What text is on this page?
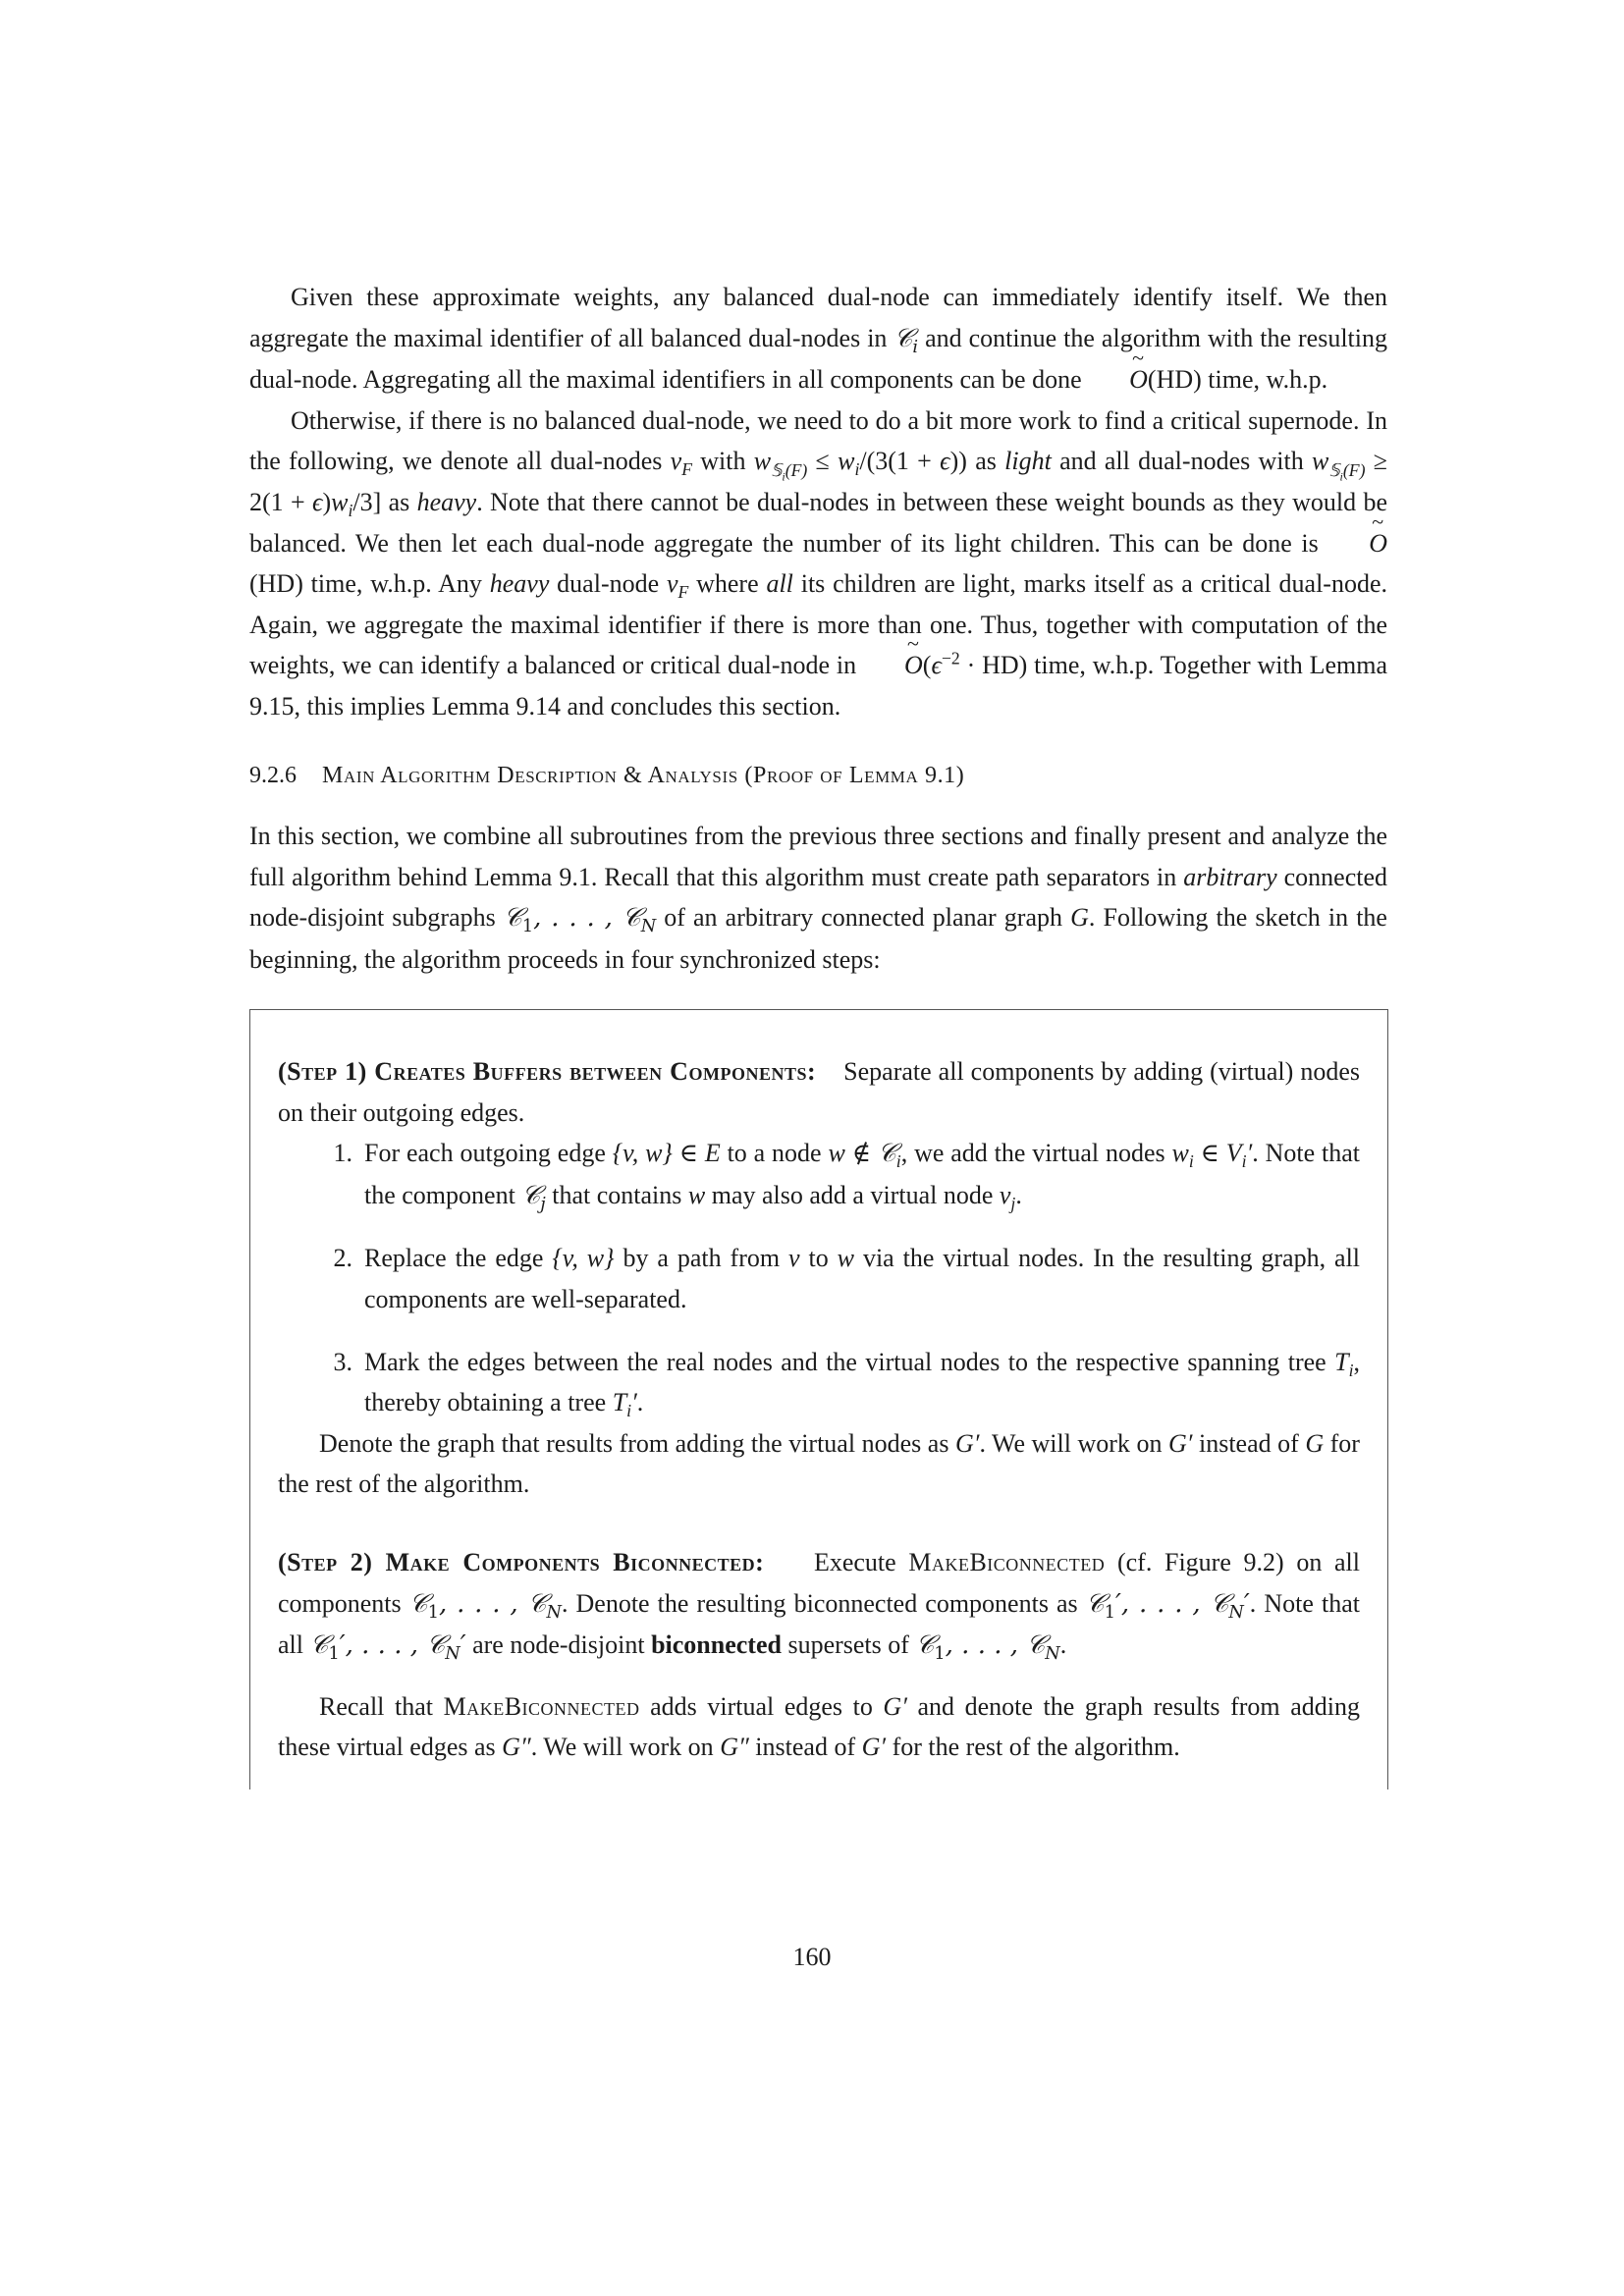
Given these approximate weights, any balanced dual-node can immediately identify itself. We then aggregate the maximal identifier of all balanced dual-nodes in 𝒞$_i$ and continue the algorithm with the resulting dual-node. Aggregating all the maximal identifiers in all components can be done ~ O(HD) time, w.h.p.

Otherwise, if there is no balanced dual-node, we need to do a bit more work to find a critical supernode. In the following, we denote all dual-nodes $v_F$ with $w_{𝕊_i(F)} \le w_i/(3(1 + \epsilon))$ as light and all dual-nodes with $w_{𝕊_i(F)} \ge 2(1 + \epsilon)w_i/3$] as heavy. Note that there cannot be dual-nodes in between these weight bounds as they would be balanced. We then let each dual-node aggregate the number of its light children. This can be done is ~ O(HD) time, w.h.p. Any heavy dual-node $v_F$ where all its children are light, marks itself as a critical dual-node. Again, we aggregate the maximal identifier if there is more than one. Thus, together with computation of the weights, we can identify a balanced or critical dual-node in ~ $O(\epsilon^{-2} \cdot HD)$ time, w.h.p. Together with Lemma 9.15, this implies Lemma 9.14 and concludes this section.

9.2.6 Main Algorithm Description & Analysis (Proof of Lemma 9.1)

In this section, we combine all subroutines from the previous three sections and finally present and analyze the full algorithm behind Lemma 9.1. Recall that this algorithm must create path separators in arbitrary connected node-disjoint subgraphs 𝒞$_1$, . . . , 𝒞$_N$ of an arbitrary connected planar graph G. Following the sketch in the beginning, the algorithm proceeds in four synchronized steps:

(Step 1) Creates Buffers between Components: Separate all components by adding (virtual) nodes on their outgoing edges.

1. For each outgoing edge {v, w} ∈ E to a node w ∉ 𝒞$_i$, we add the virtual nodes $w_i$ ∈ $V_i'$. Note that the component 𝒞$_j$ that contains w may also add a virtual node $v_j$.
2. Replace the edge {v, w} by a path from v to w via the virtual nodes. In the resulting graph, all components are well-separated.
3. Mark the edges between the real nodes and the virtual nodes to the respective spanning tree $T_i$, thereby obtaining a tree $T_i'$.

Denote the graph that results from adding the virtual nodes as G′. We will work on G′ instead of G for the rest of the algorithm.

(Step 2) Make Components Biconnected: Execute MakeBiconnected (cf. Figure 9.2) on all components 𝒞$_1$, . . . , 𝒞$_N$. Denote the resulting biconnected components as 𝒞$_1$′, . . . , 𝒞$_N$′. Note that all 𝒞$_1$′, . . . , 𝒞$_N$′ are node-disjoint biconnected supersets of 𝒞$_1$, . . . , 𝒞$_N$.

Recall that MakeBiconnected adds virtual edges to G′ and denote the graph results from adding these virtual edges as G″. We will work on G″ instead of G′ for the rest of the algorithm.

160
